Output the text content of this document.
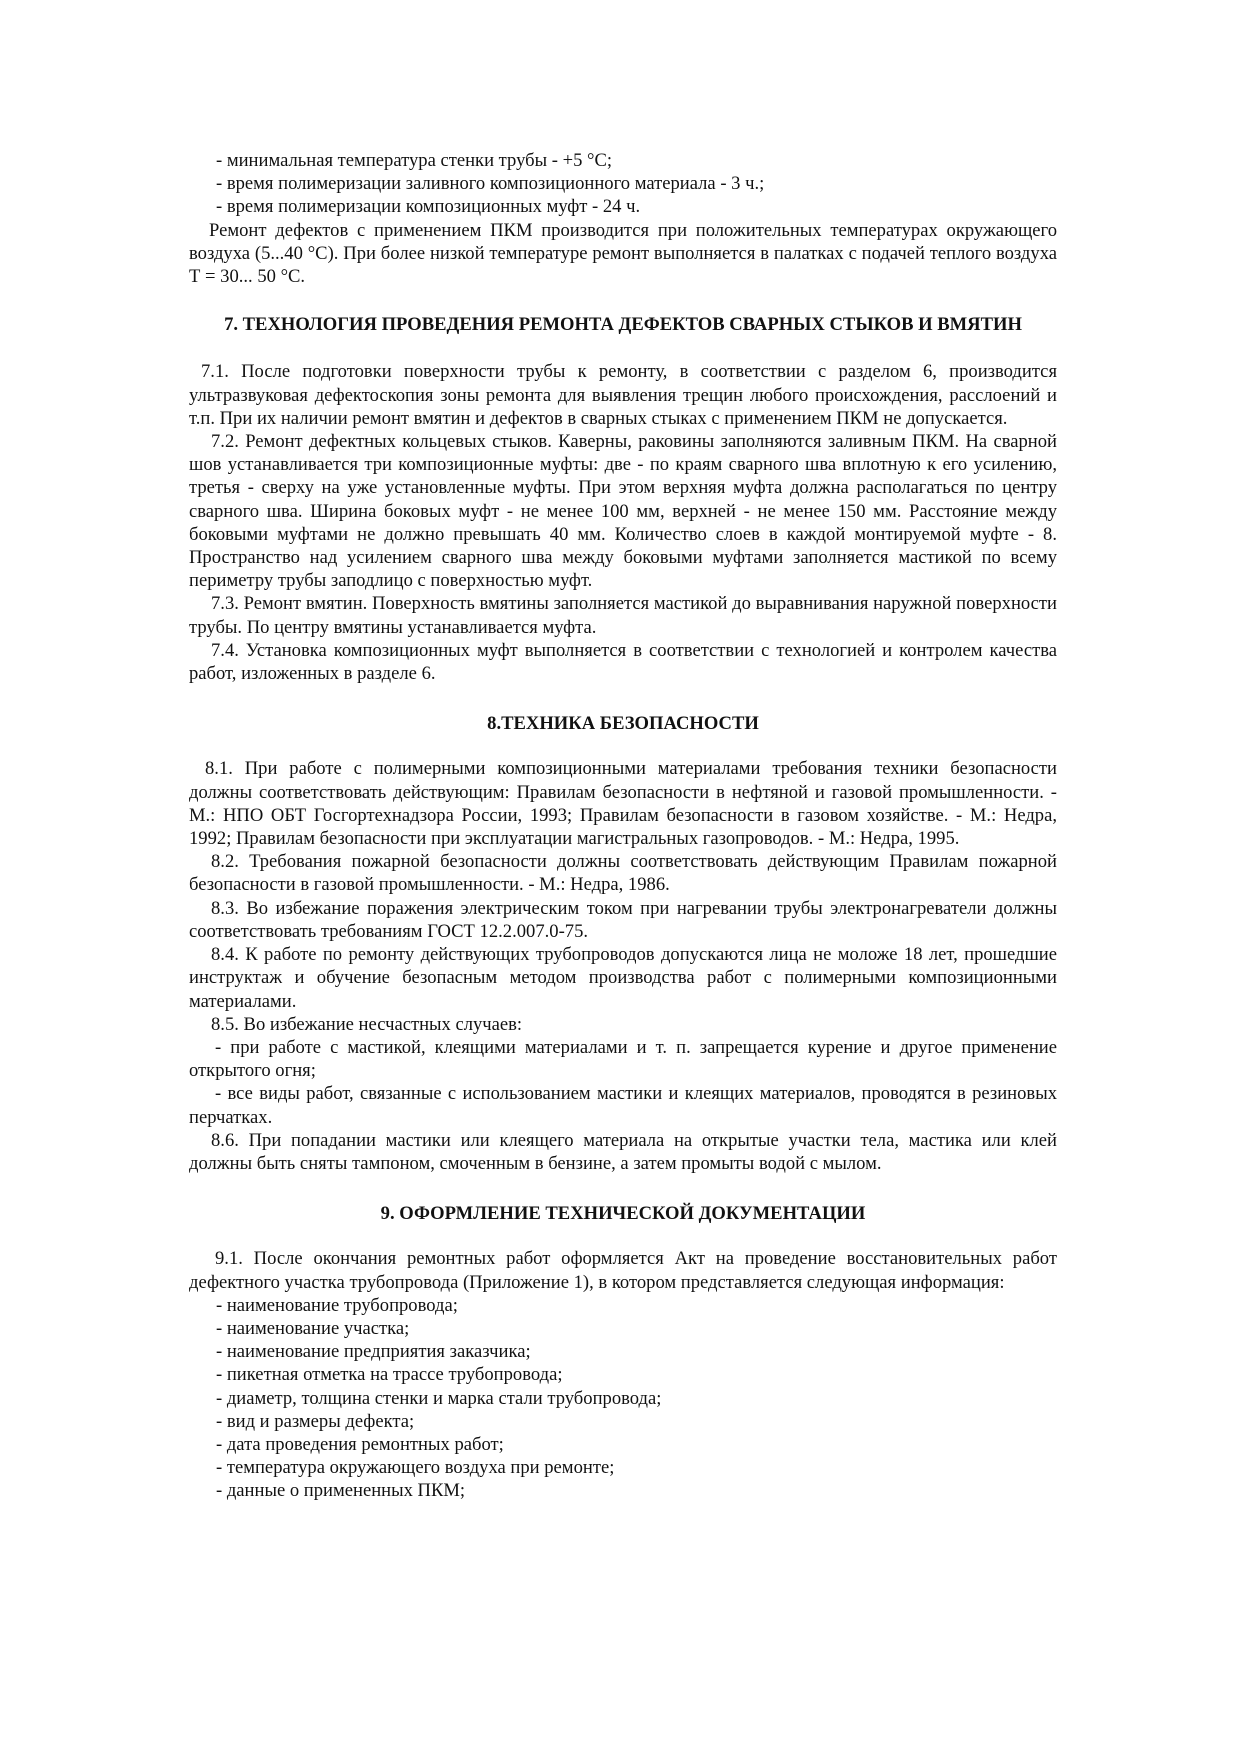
- минимальная температура стенки трубы - +5 °С;

- время полимеризации заливного композиционного материала - 3 ч.;

- время полимеризации композиционных муфт - 24 ч.

Ремонт дефектов с применением ПКМ производится при положительных температурах окружающего воздуха (5...40 °С). При более низкой температуре ремонт выполняется в палатках с подачей теплого воздуха Т = 30... 50 °С.

7. ТЕХНОЛОГИЯ ПРОВЕДЕНИЯ РЕМОНТА ДЕФЕКТОВ СВАРНЫХ СТЫКОВ И ВМЯТИН

7.1. После подготовки поверхности трубы к ремонту, в соответствии с разделом 6, производится ультразвуковая дефектоскопия зоны ремонта для выявления трещин любого происхождения, расслоений и т.п. При их наличии ремонт вмятин и дефектов в сварных стыках с применением ПКМ не допускается.

7.2. Ремонт дефектных кольцевых стыков. Каверны, раковины заполняются заливным ПКМ. На сварной шов устанавливается три композиционные муфты: две - по краям сварного шва вплотную к его усилению, третья - сверху на уже установленные муфты. При этом верхняя муфта должна располагаться по центру сварного шва. Ширина боковых муфт - не менее 100 мм, верхней - не менее 150 мм. Расстояние между боковыми муфтами не должно превышать 40 мм. Количество слоев в каждой монтируемой муфте - 8. Пространство над усилением сварного шва между боковыми муфтами заполняется мастикой по всему периметру трубы заподлицо с поверхностью муфт.

7.3. Ремонт вмятин. Поверхность вмятины заполняется мастикой до выравнивания наружной поверхности трубы. По центру вмятины устанавливается муфта.

7.4. Установка композиционных муфт выполняется в соответствии с технологией и контролем качества работ, изложенных в разделе 6.

8.ТЕХНИКА БЕЗОПАСНОСТИ

8.1. При работе с полимерными композиционными материалами требования техники безопасности должны соответствовать действующим: Правилам безопасности в нефтяной и газовой промышленности. - М.: НПО ОБТ Госгортехнадзора России, 1993; Правилам безопасности в газовом хозяйстве. - М.: Недра, 1992; Правилам безопасности при эксплуатации магистральных газопроводов. - М.: Недра, 1995.

8.2. Требования пожарной безопасности должны соответствовать действующим Правилам пожарной безопасности в газовой промышленности. - М.: Недра, 1986.

8.3. Во избежание поражения электрическим током при нагревании трубы электронагреватели должны соответствовать требованиям ГОСТ 12.2.007.0-75.

8.4. К работе по ремонту действующих трубопроводов допускаются лица не моложе 18 лет, прошедшие инструктаж и обучение безопасным методом производства работ с полимерными композиционными материалами.

8.5. Во избежание несчастных случаев:

- при работе с мастикой, клеящими материалами и т. п. запрещается курение и другое применение открытого огня;

- все виды работ, связанные с использованием мастики и клеящих материалов, проводятся в резиновых перчатках.

8.6. При попадании мастики или клеящего материала на открытые участки тела, мастика или клей должны быть сняты тампоном, смоченным в бензине, а затем промыты водой с мылом.

9. ОФОРМЛЕНИЕ ТЕХНИЧЕСКОЙ ДОКУМЕНТАЦИИ

9.1. После окончания ремонтных работ оформляется Акт на проведение восстановительных работ дефектного участка трубопровода (Приложение 1), в котором представляется следующая информация:

- наименование трубопровода;

- наименование участка;

- наименование предприятия заказчика;

- пикетная отметка на трассе трубопровода;

- диаметр, толщина стенки и марка стали трубопровода;

- вид и размеры дефекта;

- дата проведения ремонтных работ;

- температура окружающего воздуха при ремонте;

- данные о примененных ПКМ;
